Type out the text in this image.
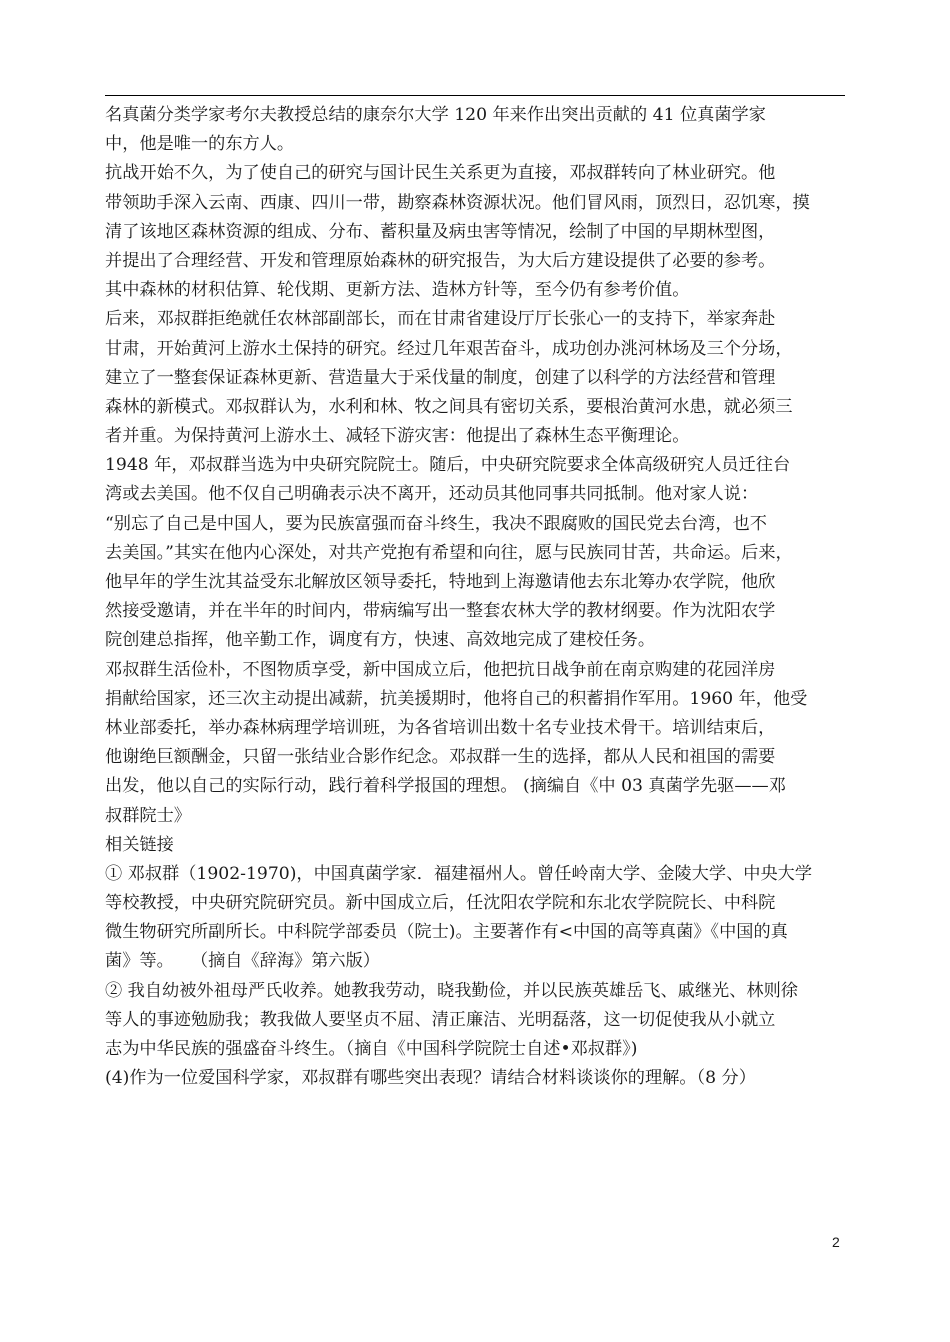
名真菌分类学家考尔夫教授总结的康奈尔大学 120 年来作出突出贡献的 41 位真菌学家
中，他是唯一的东方人。
抗战开始不久，为了使自己的研究与国计民生关系更为直接，邓叔群转向了林业研究。他
带领助手深入云南、西康、四川一带，勘察森林资源状况。他们冒风雨，顶烈日，忍饥寒，摸
清了该地区森林资源的组成、分布、蓄积量及病虫害等情况，绘制了中国的早期林型图，
并提出了合理经营、开发和管理原始森林的研究报告，为大后方建设提供了必要的参考。
其中森林的材积估算、轮伐期、更新方法、造林方针等，至今仍有参考价值。
后来，邓叔群拒绝就任农林部副部长，而在甘肃省建设厅厅长张心一的支持下，举家奔赴
甘肃，开始黄河上游水土保持的研究。经过几年艰苦奋斗，成功创办洮河林场及三个分场，
建立了一整套保证森林更新、营造量大于采伐量的制度，创建了以科学的方法经营和管理
森林的新模式。邓叔群认为，水利和林、牧之间具有密切关系，要根治黄河水患，就必须三
者并重。为保持黄河上游水土、减轻下游灾害：他提出了森林生态平衡理论。
1948 年，邓叔群当选为中央研究院院士。随后，中央研究院要求全体高级研究人员迁往台
湾或去美国。他不仅自己明确表示决不离开，还动员其他同事共同抵制。他对家人说：
“别忘了自己是中国人，要为民族富强而奋斗终生，我决不跟腐败的国民党去台湾，也不
去美国。”其实在他内心深处，对共产党抱有希望和向往，愿与民族同甘苦，共命运。后来，
他早年的学生沈其益受东北解放区领导委托，特地到上海邀请他去东北筹办农学院，他欣
然接受邀请，并在半年的时间内，带病编写出一整套农林大学的教材纲要。作为沈阳农学
院创建总指挥，他辛勤工作，调度有方，快速、高效地完成了建校任务。
邓叔群生活俭朴，不图物质享受，新中国成立后，他把抗日战争前在南京购建的花园洋房
捐献给国家，还三次主动提出减薪，抗美援期时，他将自己的积蓄捐作军用。1960 年，他受
林业部委托，举办森林病理学培训班，为各省培训出数十名专业技术骨干。培训结束后，
他谢绝巨额酬金，只留一张结业合影作纪念。邓叔群一生的选择，都从人民和祖国的需要
出发，他以自己的实际行动，践行着科学报国的理想。 (摘编自《中 03 真菌学先驱——邓
叔群院士》
相关链接
① 邓叔群（1902-1970)，中国真菌学家．福建福州人。曾任岭南大学、金陵大学、中央大学
等校教授，中央研究院研究员。新中国成立后，任沈阳农学院和东北农学院院长、中科院
微生物研究所副所长。中科院学部委员（院士)。主要著作有<中国的高等真菌》《中国的真
菌》等。　　（摘自《辞海》第六版）
② 我自幼被外祖母严氏收养。她教我劳动，晓我勤俭，并以民族英雄岳飞、戚继光、林则徐
等人的事迹勉励我；教我做人要坚贞不屈、清正廉洁、光明磊落，这一切促使我从小就立
志为中华民族的强盛奋斗终生。（摘自《中国科学院院士自述•邓叔群》)
(4)作为一位爱国科学家，邓叔群有哪些突出表现？请结合材料谈谈你的理解。（8 分）
2
